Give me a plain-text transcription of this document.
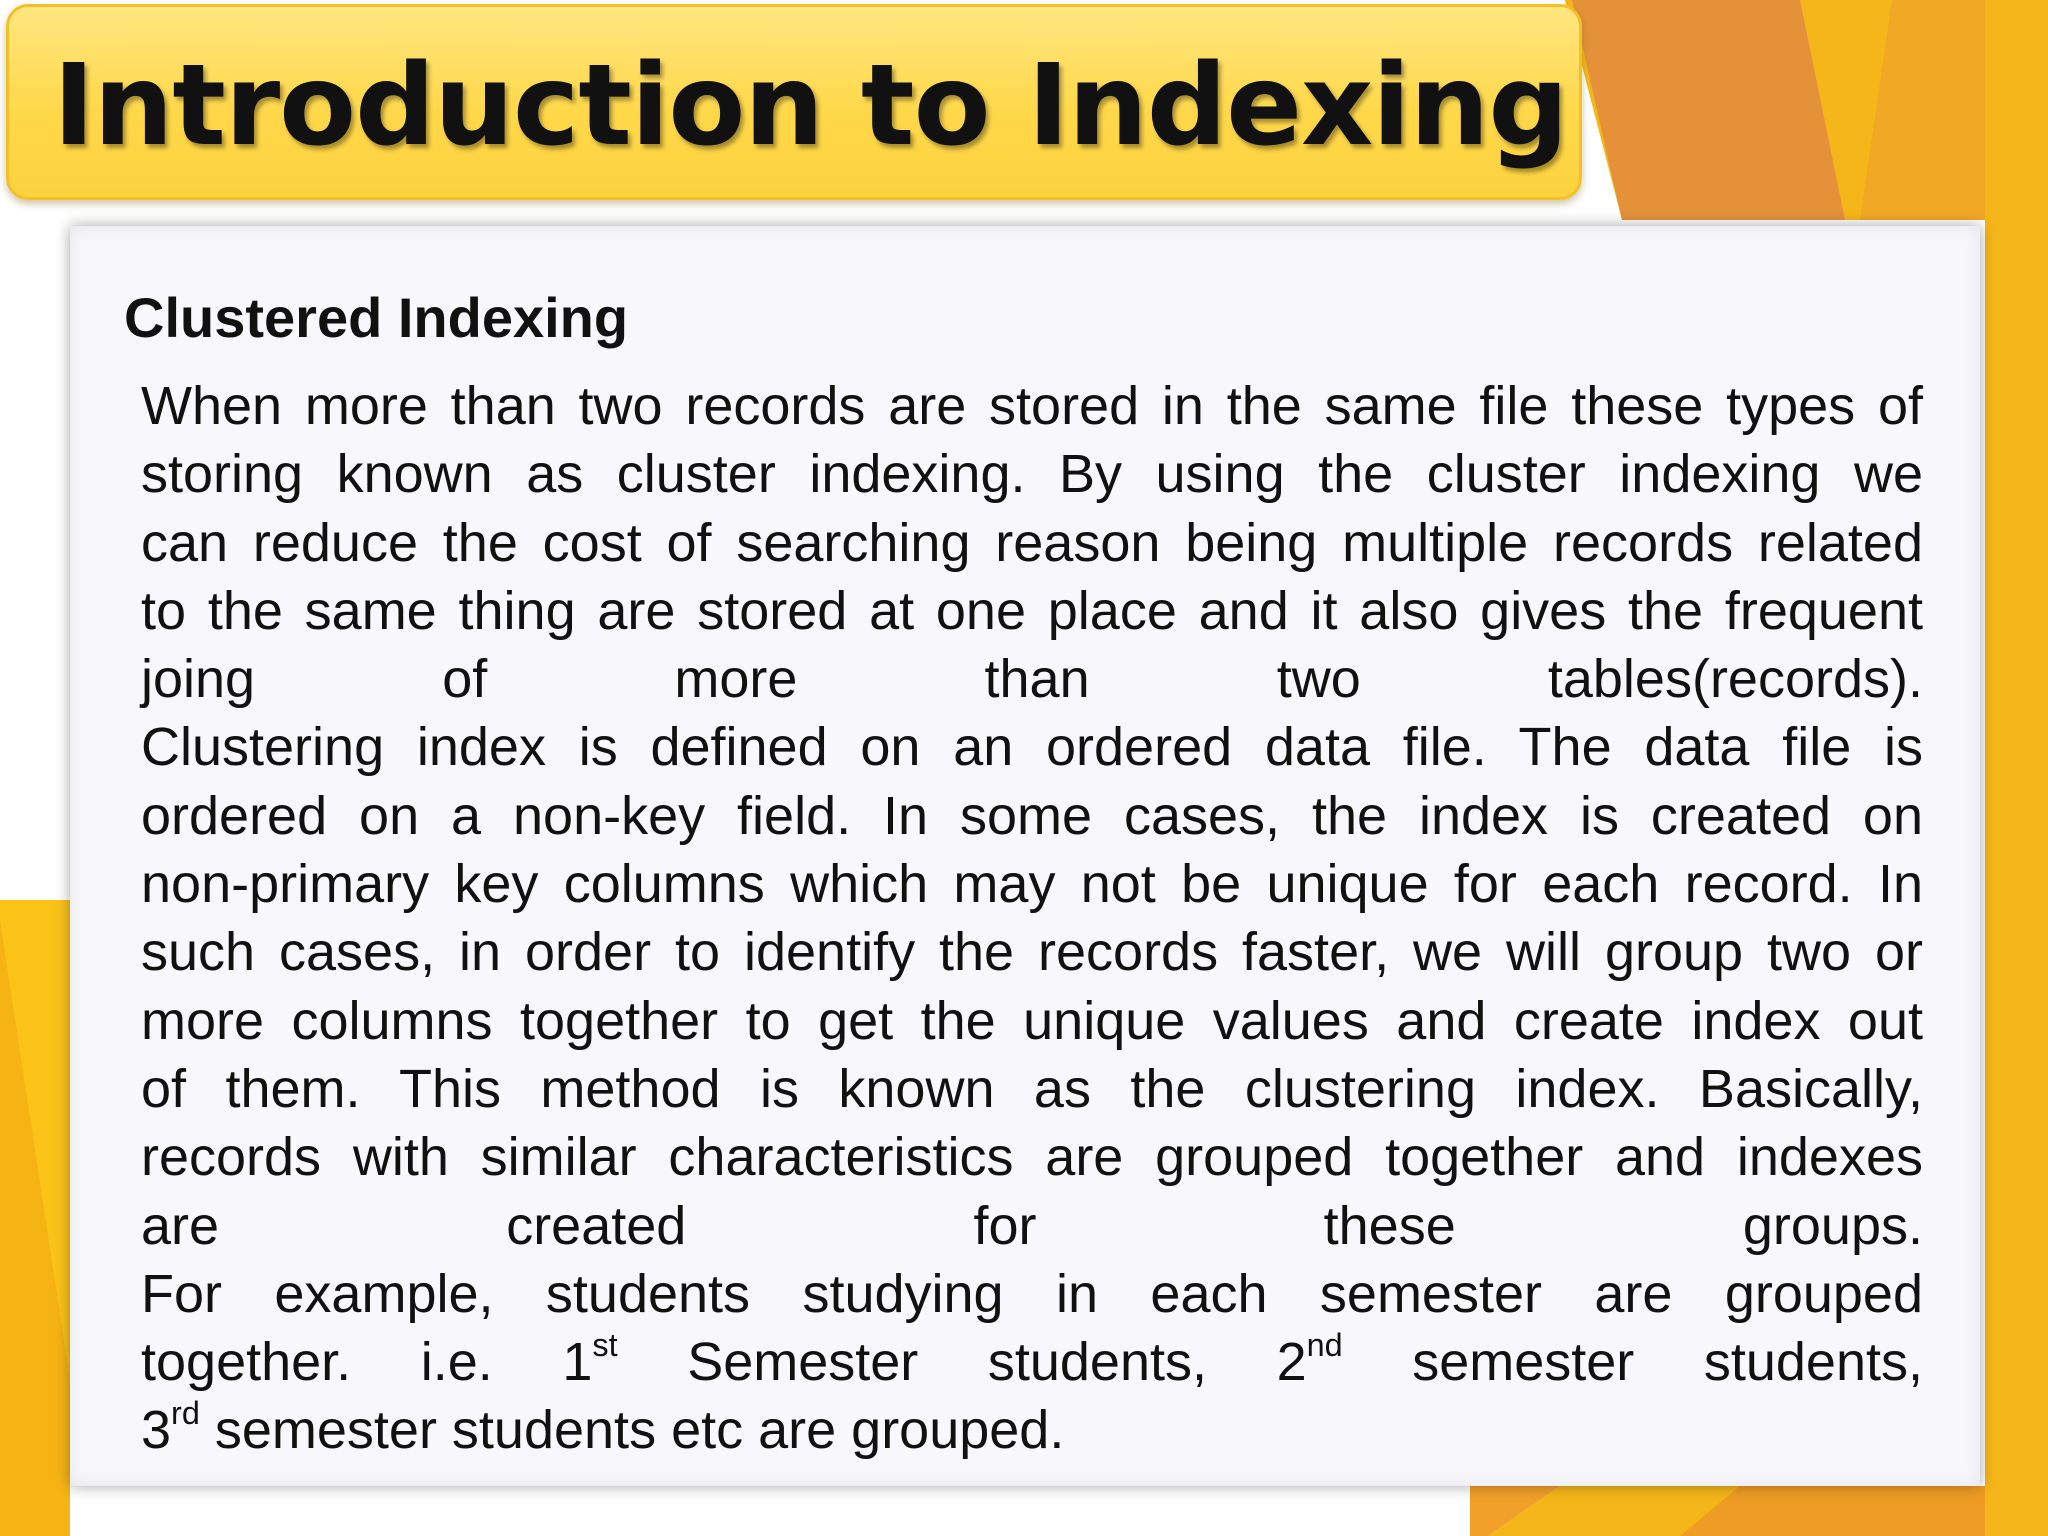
Introduction to Indexing
Clustered Indexing
When more than two records are stored in the same file these types of
storing known as cluster indexing. By using the cluster indexing we
can reduce the cost of searching reason being multiple records related
to the same thing are stored at one place and it also gives the frequent
joing of more than two tables(records).
Clustering index is defined on an ordered data file. The data file is
ordered on a non-key field. In some cases, the index is created on
non-primary key columns which may not be unique for each record. In
such cases, in order to identify the records faster, we will group two or
more columns together to get the unique values and create index out
of them. This method is known as the clustering index. Basically,
records with similar characteristics are grouped together and indexes
are created for these groups.
For example, students studying in each semester are grouped
together. i.e. 1st Semester students, 2nd semester students,
3rd semester students etc are grouped.
